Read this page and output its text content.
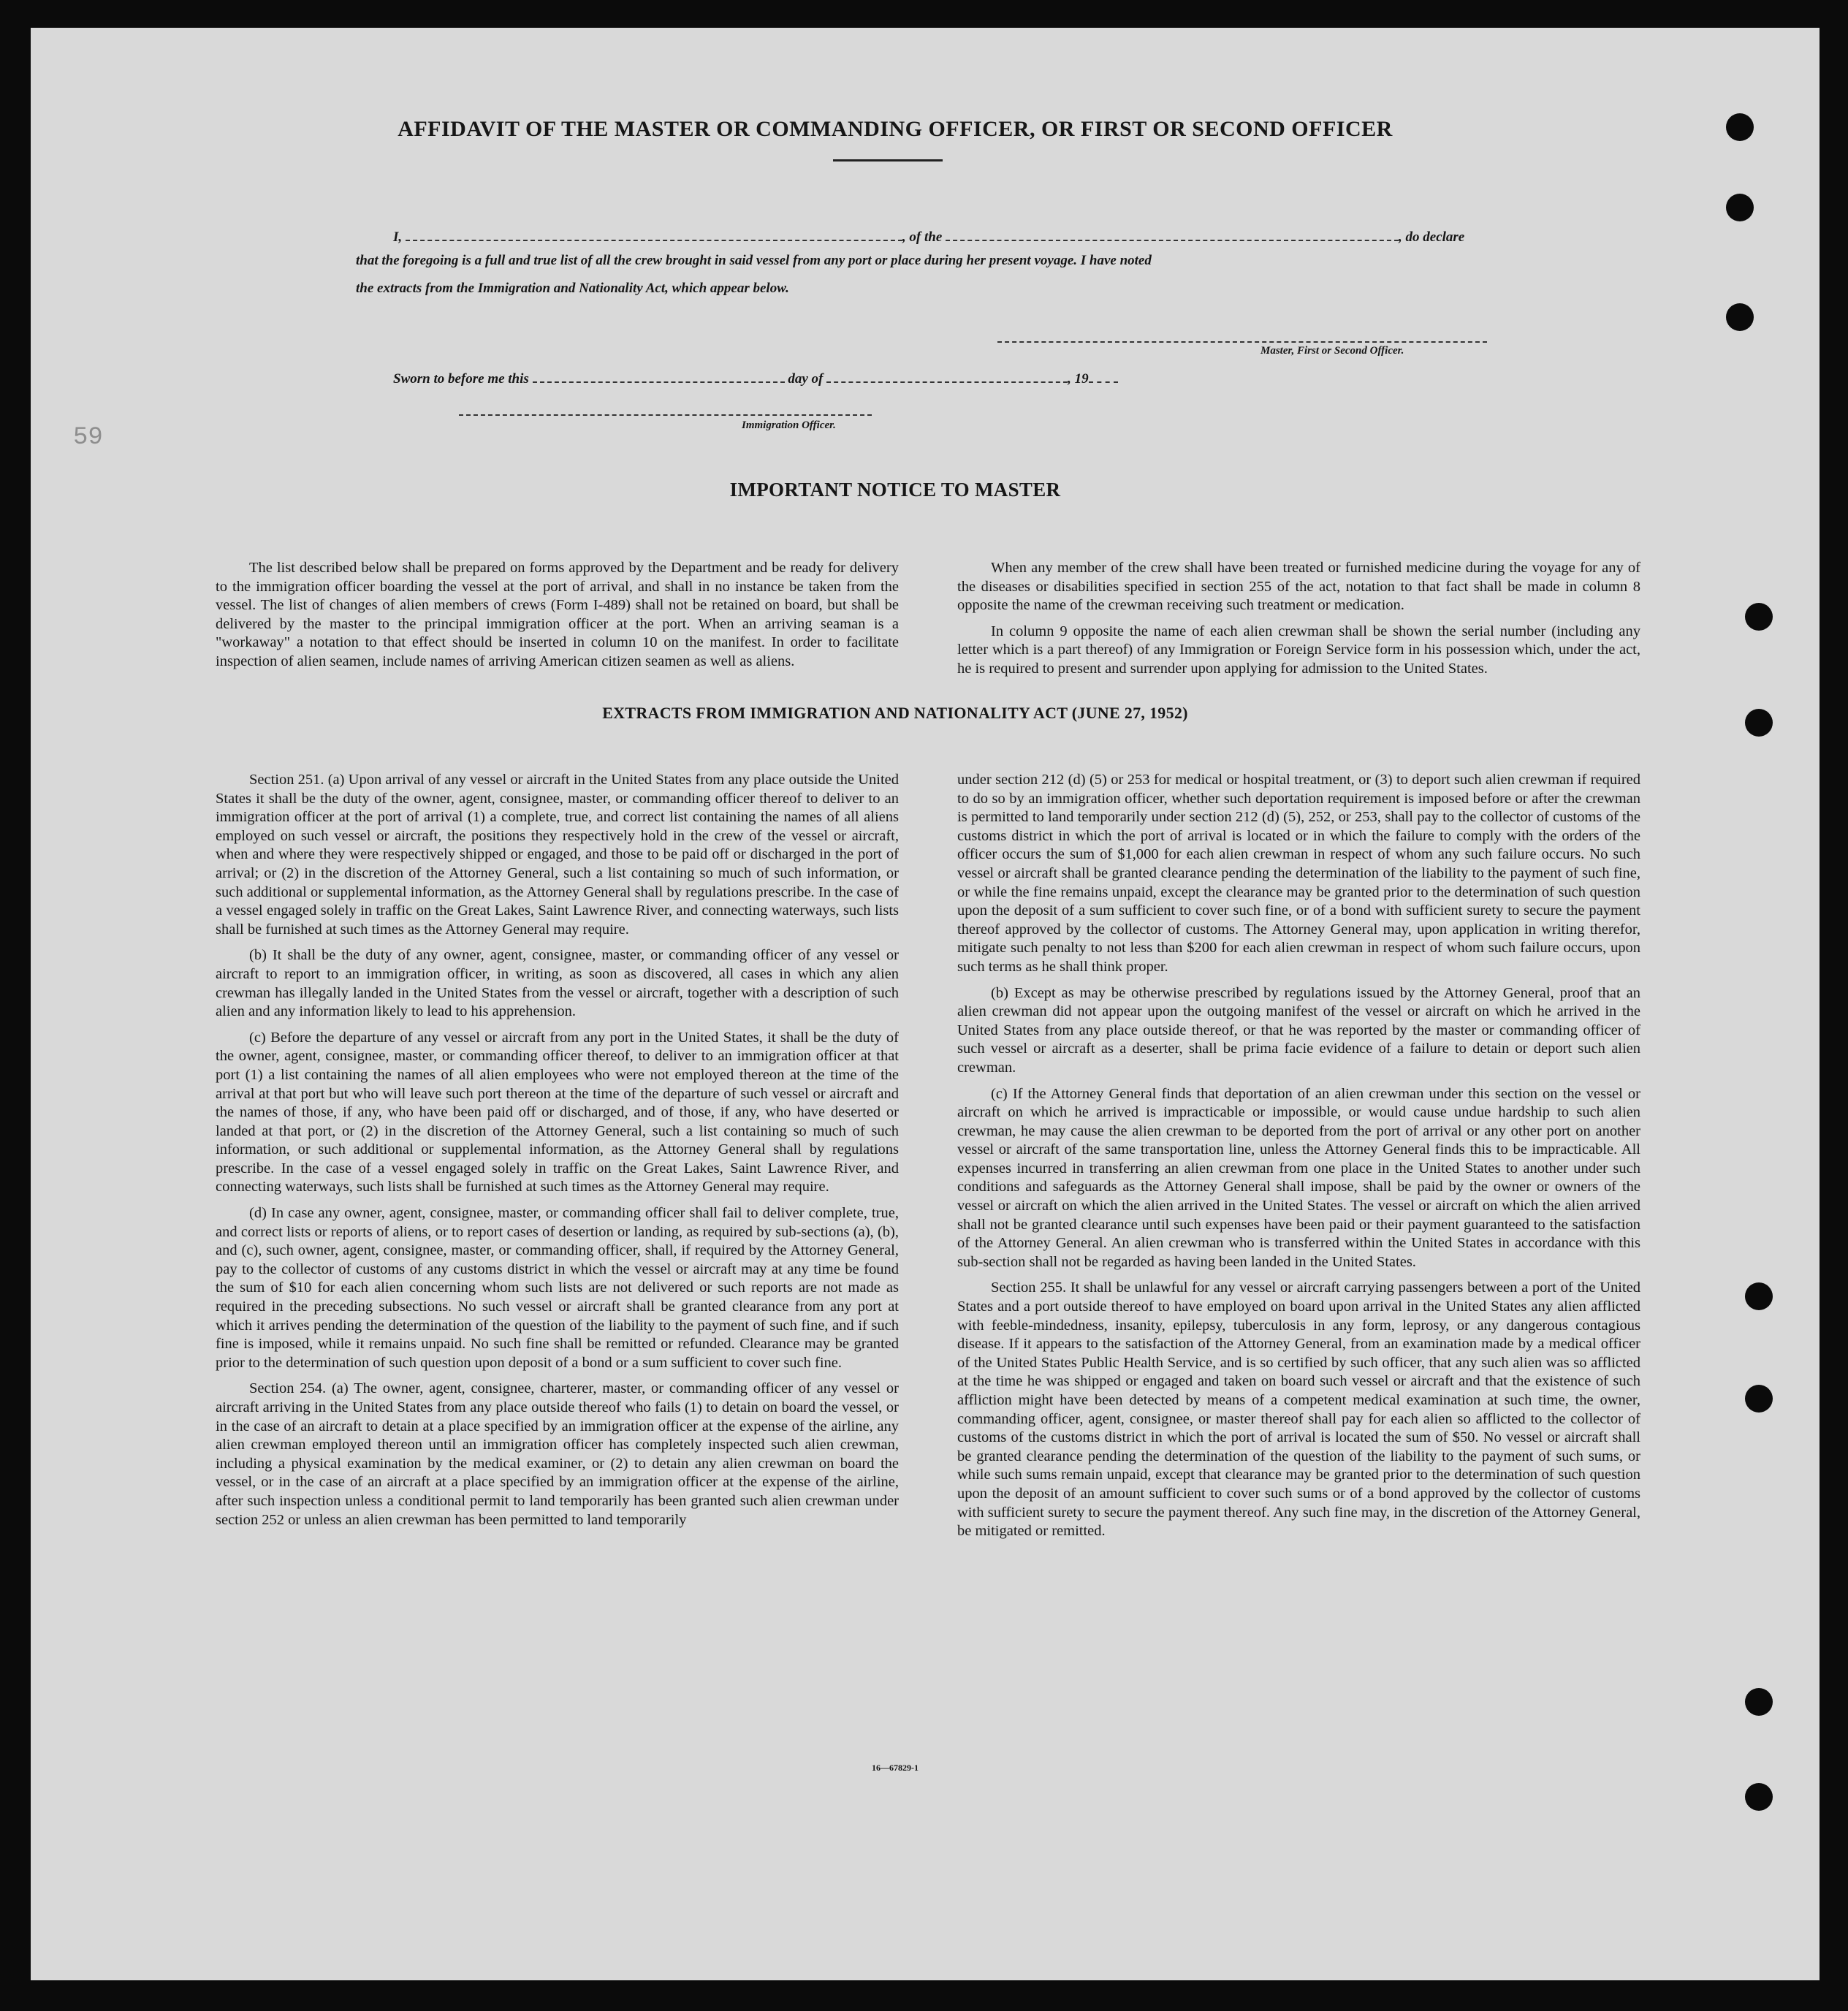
59
AFFIDAVIT OF THE MASTER OR COMMANDING OFFICER, OR FIRST OR SECOND OFFICER
I,	, of the	, do declare
that the foregoing is a full and true list of all the crew brought in said vessel from any port or place during her present voyage. I have noted
the extracts from the Immigration and Nationality Act, which appear below.
Master, First or Second Officer.
Sworn to before me this	day of	, 19
Immigration Officer.
IMPORTANT NOTICE TO MASTER

The list described below shall be prepared on forms approved by the Department and be ready for delivery to the immigration officer boarding the vessel at the port of arrival, and shall in no instance be taken from the vessel. The list of changes of alien members of crews (Form I-489) shall not be retained on board, but shall be delivered by the master to the principal immigration officer at the port. When an arriving seaman is a "workaway" a notation to that effect should be inserted in column 10 on the manifest. In order to facilitate inspection of alien seamen, include names of arriving American citizen seamen as well as aliens.

When any member of the crew shall have been treated or furnished medicine during the voyage for any of the diseases or disabilities specified in section 255 of the act, notation to that fact shall be made in column 8 opposite the name of the crewman receiving such treatment or medication.

In column 9 opposite the name of each alien crewman shall be shown the serial number (including any letter which is a part thereof) of any Immigration or Foreign Service form in his possession which, under the act, he is required to present and surrender upon applying for admission to the United States.

EXTRACTS FROM IMMIGRATION AND NATIONALITY ACT (JUNE 27, 1952)

Section 251. (a) Upon arrival of any vessel or aircraft in the United States from any place outside the United States it shall be the duty of the owner, agent, consignee, master, or commanding officer thereof to deliver to an immigration officer at the port of arrival (1) a complete, true, and correct list containing the names of all aliens employed on such vessel or aircraft, the positions they respectively hold in the crew of the vessel or aircraft, when and where they were respectively shipped or engaged, and those to be paid off or discharged in the port of arrival; or (2) in the discretion of the Attorney General, such a list containing so much of such information, or such additional or supplemental information, as the Attorney General shall by regulations prescribe. In the case of a vessel engaged solely in traffic on the Great Lakes, Saint Lawrence River, and connecting waterways, such lists shall be furnished at such times as the Attorney General may require.

(b) It shall be the duty of any owner, agent, consignee, master, or commanding officer of any vessel or aircraft to report to an immigration officer, in writing, as soon as discovered, all cases in which any alien crewman has illegally landed in the United States from the vessel or aircraft, together with a description of such alien and any information likely to lead to his apprehension.

(c) Before the departure of any vessel or aircraft from any port in the United States, it shall be the duty of the owner, agent, consignee, master, or commanding officer thereof, to deliver to an immigration officer at that port (1) a list containing the names of all alien employees who were not employed thereon at the time of the arrival at that port but who will leave such port thereon at the time of the departure of such vessel or aircraft and the names of those, if any, who have been paid off or discharged, and of those, if any, who have deserted or landed at that port, or (2) in the discretion of the Attorney General, such a list containing so much of such information, or such additional or supplemental information, as the Attorney General shall by regulations prescribe. In the case of a vessel engaged solely in traffic on the Great Lakes, Saint Lawrence River, and connecting waterways, such lists shall be furnished at such times as the Attorney General may require.

(d) In case any owner, agent, consignee, master, or commanding officer shall fail to deliver complete, true, and correct lists or reports of aliens, or to report cases of desertion or landing, as required by sub-sections (a), (b), and (c), such owner, agent, consignee, master, or commanding officer, shall, if required by the Attorney General, pay to the collector of customs of any customs district in which the vessel or aircraft may at any time be found the sum of $10 for each alien concerning whom such lists are not delivered or such reports are not made as required in the preceding subsections. No such vessel or aircraft shall be granted clearance from any port at which it arrives pending the determination of the question of the liability to the payment of such fine, and if such fine is imposed, while it remains unpaid. No such fine shall be remitted or refunded. Clearance may be granted prior to the determination of such question upon deposit of a bond or a sum sufficient to cover such fine.

Section 254. (a) The owner, agent, consignee, charterer, master, or commanding officer of any vessel or aircraft arriving in the United States from any place outside thereof who fails (1) to detain on board the vessel, or in the case of an aircraft to detain at a place specified by an immigration officer at the expense of the airline, any alien crewman employed thereon until an immigration officer has completely inspected such alien crewman, including a physical examination by the medical examiner, or (2) to detain any alien crewman on board the vessel, or in the case of an aircraft at a place specified by an immigration officer at the expense of the airline, after such inspection unless a conditional permit to land temporarily has been granted such alien crewman under section 252 or unless an alien crewman has been permitted to land temporarily

under section 212 (d) (5) or 253 for medical or hospital treatment, or (3) to deport such alien crewman if required to do so by an immigration officer, whether such deportation requirement is imposed before or after the crewman is permitted to land temporarily under section 212 (d) (5), 252, or 253, shall pay to the collector of customs of the customs district in which the port of arrival is located or in which the failure to comply with the orders of the officer occurs the sum of $1,000 for each alien crewman in respect of whom any such failure occurs. No such vessel or aircraft shall be granted clearance pending the determination of the liability to the payment of such fine, or while the fine remains unpaid, except the clearance may be granted prior to the determination of such question upon the deposit of a sum sufficient to cover such fine, or of a bond with sufficient surety to secure the payment thereof approved by the collector of customs. The Attorney General may, upon application in writing therefor, mitigate such penalty to not less than $200 for each alien crewman in respect of whom such failure occurs, upon such terms as he shall think proper.

(b) Except as may be otherwise prescribed by regulations issued by the Attorney General, proof that an alien crewman did not appear upon the outgoing manifest of the vessel or aircraft on which he arrived in the United States from any place outside thereof, or that he was reported by the master or commanding officer of such vessel or aircraft as a deserter, shall be prima facie evidence of a failure to detain or deport such alien crewman.

(c) If the Attorney General finds that deportation of an alien crewman under this section on the vessel or aircraft on which he arrived is impracticable or impossible, or would cause undue hardship to such alien crewman, he may cause the alien crewman to be deported from the port of arrival or any other port on another vessel or aircraft of the same transportation line, unless the Attorney General finds this to be impracticable. All expenses incurred in transferring an alien crewman from one place in the United States to another under such conditions and safeguards as the Attorney General shall impose, shall be paid by the owner or owners of the vessel or aircraft on which the alien arrived in the United States. The vessel or aircraft on which the alien arrived shall not be granted clearance until such expenses have been paid or their payment guaranteed to the satisfaction of the Attorney General. An alien crewman who is transferred within the United States in accordance with this sub-section shall not be regarded as having been landed in the United States.

Section 255. It shall be unlawful for any vessel or aircraft carrying passengers between a port of the United States and a port outside thereof to have employed on board upon arrival in the United States any alien afflicted with feeble-mindedness, insanity, epilepsy, tuberculosis in any form, leprosy, or any dangerous contagious disease. If it appears to the satisfaction of the Attorney General, from an examination made by a medical officer of the United States Public Health Service, and is so certified by such officer, that any such alien was so afflicted at the time he was shipped or engaged and taken on board such vessel or aircraft and that the existence of such affliction might have been detected by means of a competent medical examination at such time, the owner, commanding officer, agent, consignee, or master thereof shall pay for each alien so afflicted to the collector of customs of the customs district in which the port of arrival is located the sum of $50. No vessel or aircraft shall be granted clearance pending the determination of the question of the liability to the payment of such sums, or while such sums remain unpaid, except that clearance may be granted prior to the determination of such question upon the deposit of an amount sufficient to cover such sums or of a bond approved by the collector of customs with sufficient surety to secure the payment thereof. Any such fine may, in the discretion of the Attorney General, be mitigated or remitted.

16—67829-1
